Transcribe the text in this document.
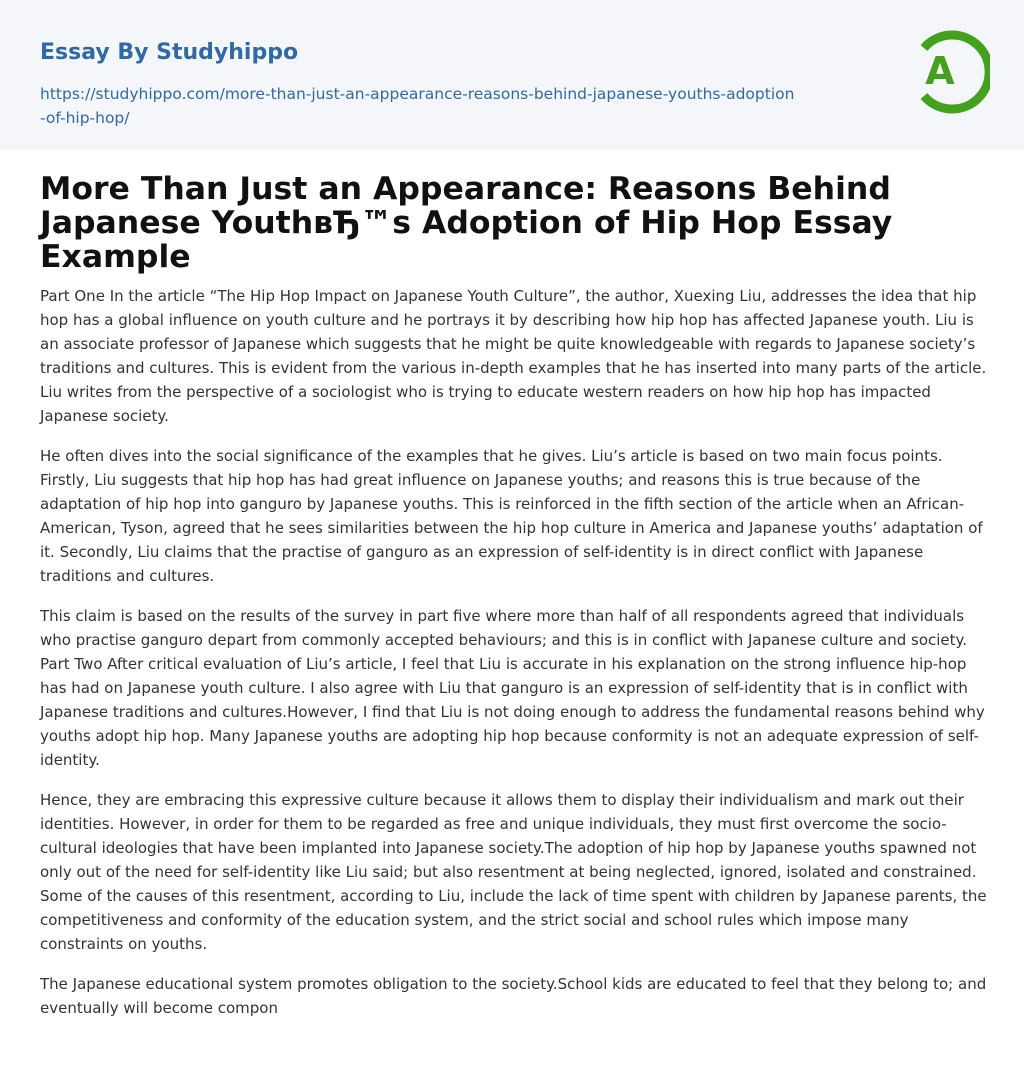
Essay By Studyhippo
https://studyhippo.com/more-than-just-an-appearance-reasons-behind-japanese-youths-adoption-of-hip-hop/
A
More Than Just an Appearance: Reasons Behind Japanese YouthвЂ™s Adoption of Hip Hop Essay Example

Part One In the article “The Hip Hop Impact on Japanese Youth Culture”, the author, Xuexing Liu, addresses the idea that hip hop has a global influence on youth culture and he portrays it by describing how hip hop has affected Japanese youth. Liu is an associate professor of Japanese which suggests that he might be quite knowledgeable with regards to Japanese society’s traditions and cultures. This is evident from the various in-depth examples that he has inserted into many parts of the article. Liu writes from the perspective of a sociologist who is trying to educate western readers on how hip hop has impacted Japanese society.

He often dives into the social significance of the examples that he gives. Liu’s article is based on two main focus points. Firstly, Liu suggests that hip hop has had great influence on Japanese youths; and reasons this is true because of the adaptation of hip hop into ganguro by Japanese youths. This is reinforced in the fifth section of the article when an African-American, Tyson, agreed that he sees similarities between the hip hop culture in America and Japanese youths’ adaptation of it. Secondly, Liu claims that the practise of ganguro as an expression of self-identity is in direct conflict with Japanese traditions and cultures.

This claim is based on the results of the survey in part five where more than half of all respondents agreed that individuals who practise ganguro depart from commonly accepted behaviours; and this is in conflict with Japanese culture and society. Part Two After critical evaluation of Liu’s article, I feel that Liu is accurate in his explanation on the strong influence hip-hop has had on Japanese youth culture. I also agree with Liu that ganguro is an expression of self-identity that is in conflict with Japanese traditions and cultures.However, I find that Liu is not doing enough to address the fundamental reasons behind why youths adopt hip hop. Many Japanese youths are adopting hip hop because conformity is not an adequate expression of self-identity.

Hence, they are embracing this expressive culture because it allows them to display their individualism and mark out their identities. However, in order for them to be regarded as free and unique individuals, they must first overcome the socio-cultural ideologies that have been implanted into Japanese society.The adoption of hip hop by Japanese youths spawned not only out of the need for self-identity like Liu said; but also resentment at being neglected, ignored, isolated and constrained. Some of the causes of this resentment, according to Liu, include the lack of time spent with children by Japanese parents, the competitiveness and conformity of the education system, and the strict social and school rules which impose many constraints on youths.

The Japanese educational system promotes obligation to the society.School kids are educated to feel that they belong to; and eventually will become compon
